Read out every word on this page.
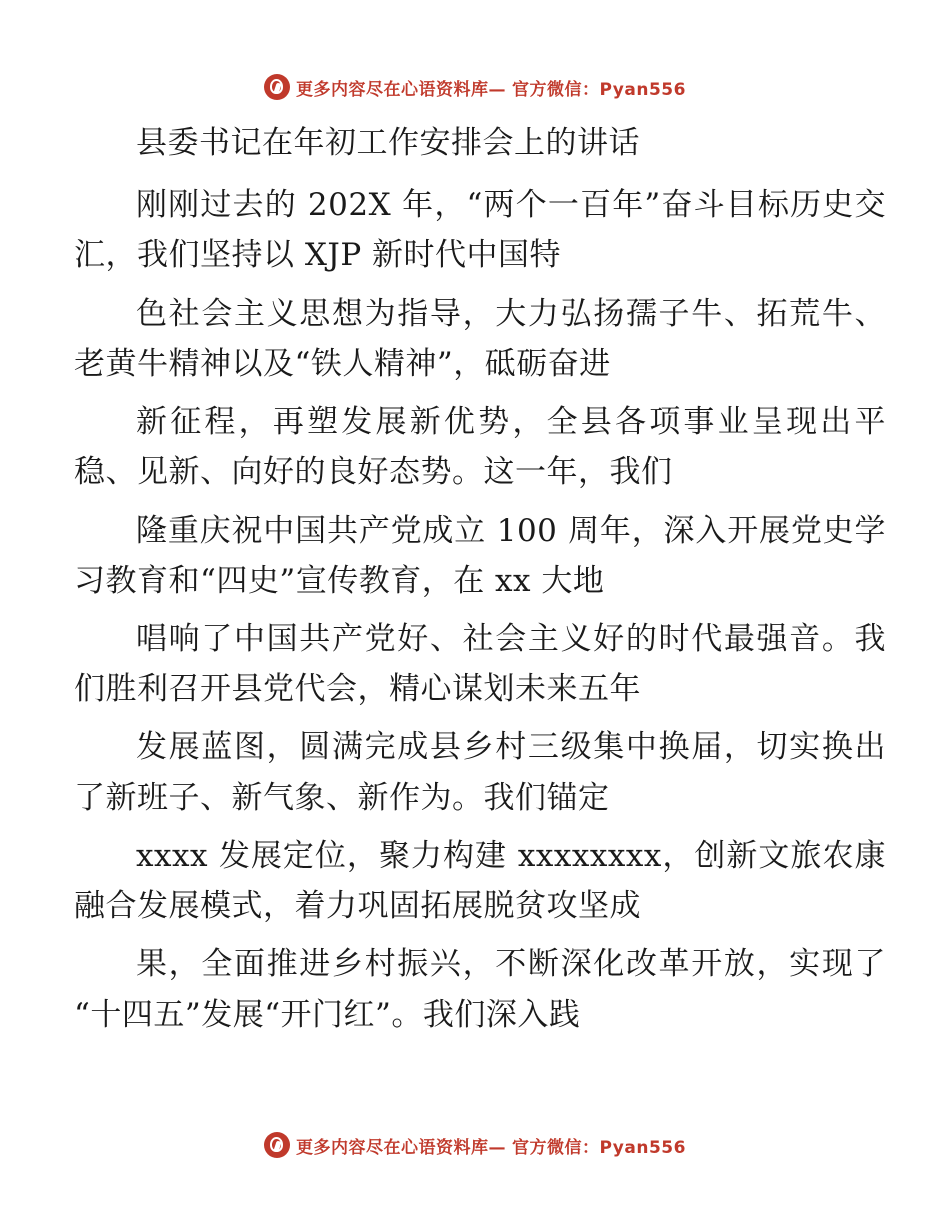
更多内容尽在心语资料库— 官方微信：Pyan556

县委书记在年初工作安排会上的讲话

刚刚过去的 202X 年，“两个一百年”奋斗目标历史交汇，我们坚持以 XJP 新时代中国特

色社会主义思想为指导，大力弘扬孺子牛、拓荒牛、老黄牛精神以及“铁人精神”，砥砺奋进

新征程，再塑发展新优势，全县各项事业呈现出平稳、见新、向好的良好态势。这一年，我们

隆重庆祝中国共产党成立 100 周年，深入开展党史学习教育和“四史”宣传教育，在 xx 大地

唱响了中国共产党好、社会主义好的时代最强音。我们胜利召开县党代会，精心谋划未来五年

发展蓝图，圆满完成县乡村三级集中换届，切实换出了新班子、新气象、新作为。我们锚定

xxxx 发展定位，聚力构建 xxxxxxxx，创新文旅农康融合发展模式，着力巩固拓展脱贫攻坚成

果，全面推进乡村振兴，不断深化改革开放，实现了“十四五”发展“开门红”。我们深入践

更多内容尽在心语资料库— 官方微信：Pyan556
